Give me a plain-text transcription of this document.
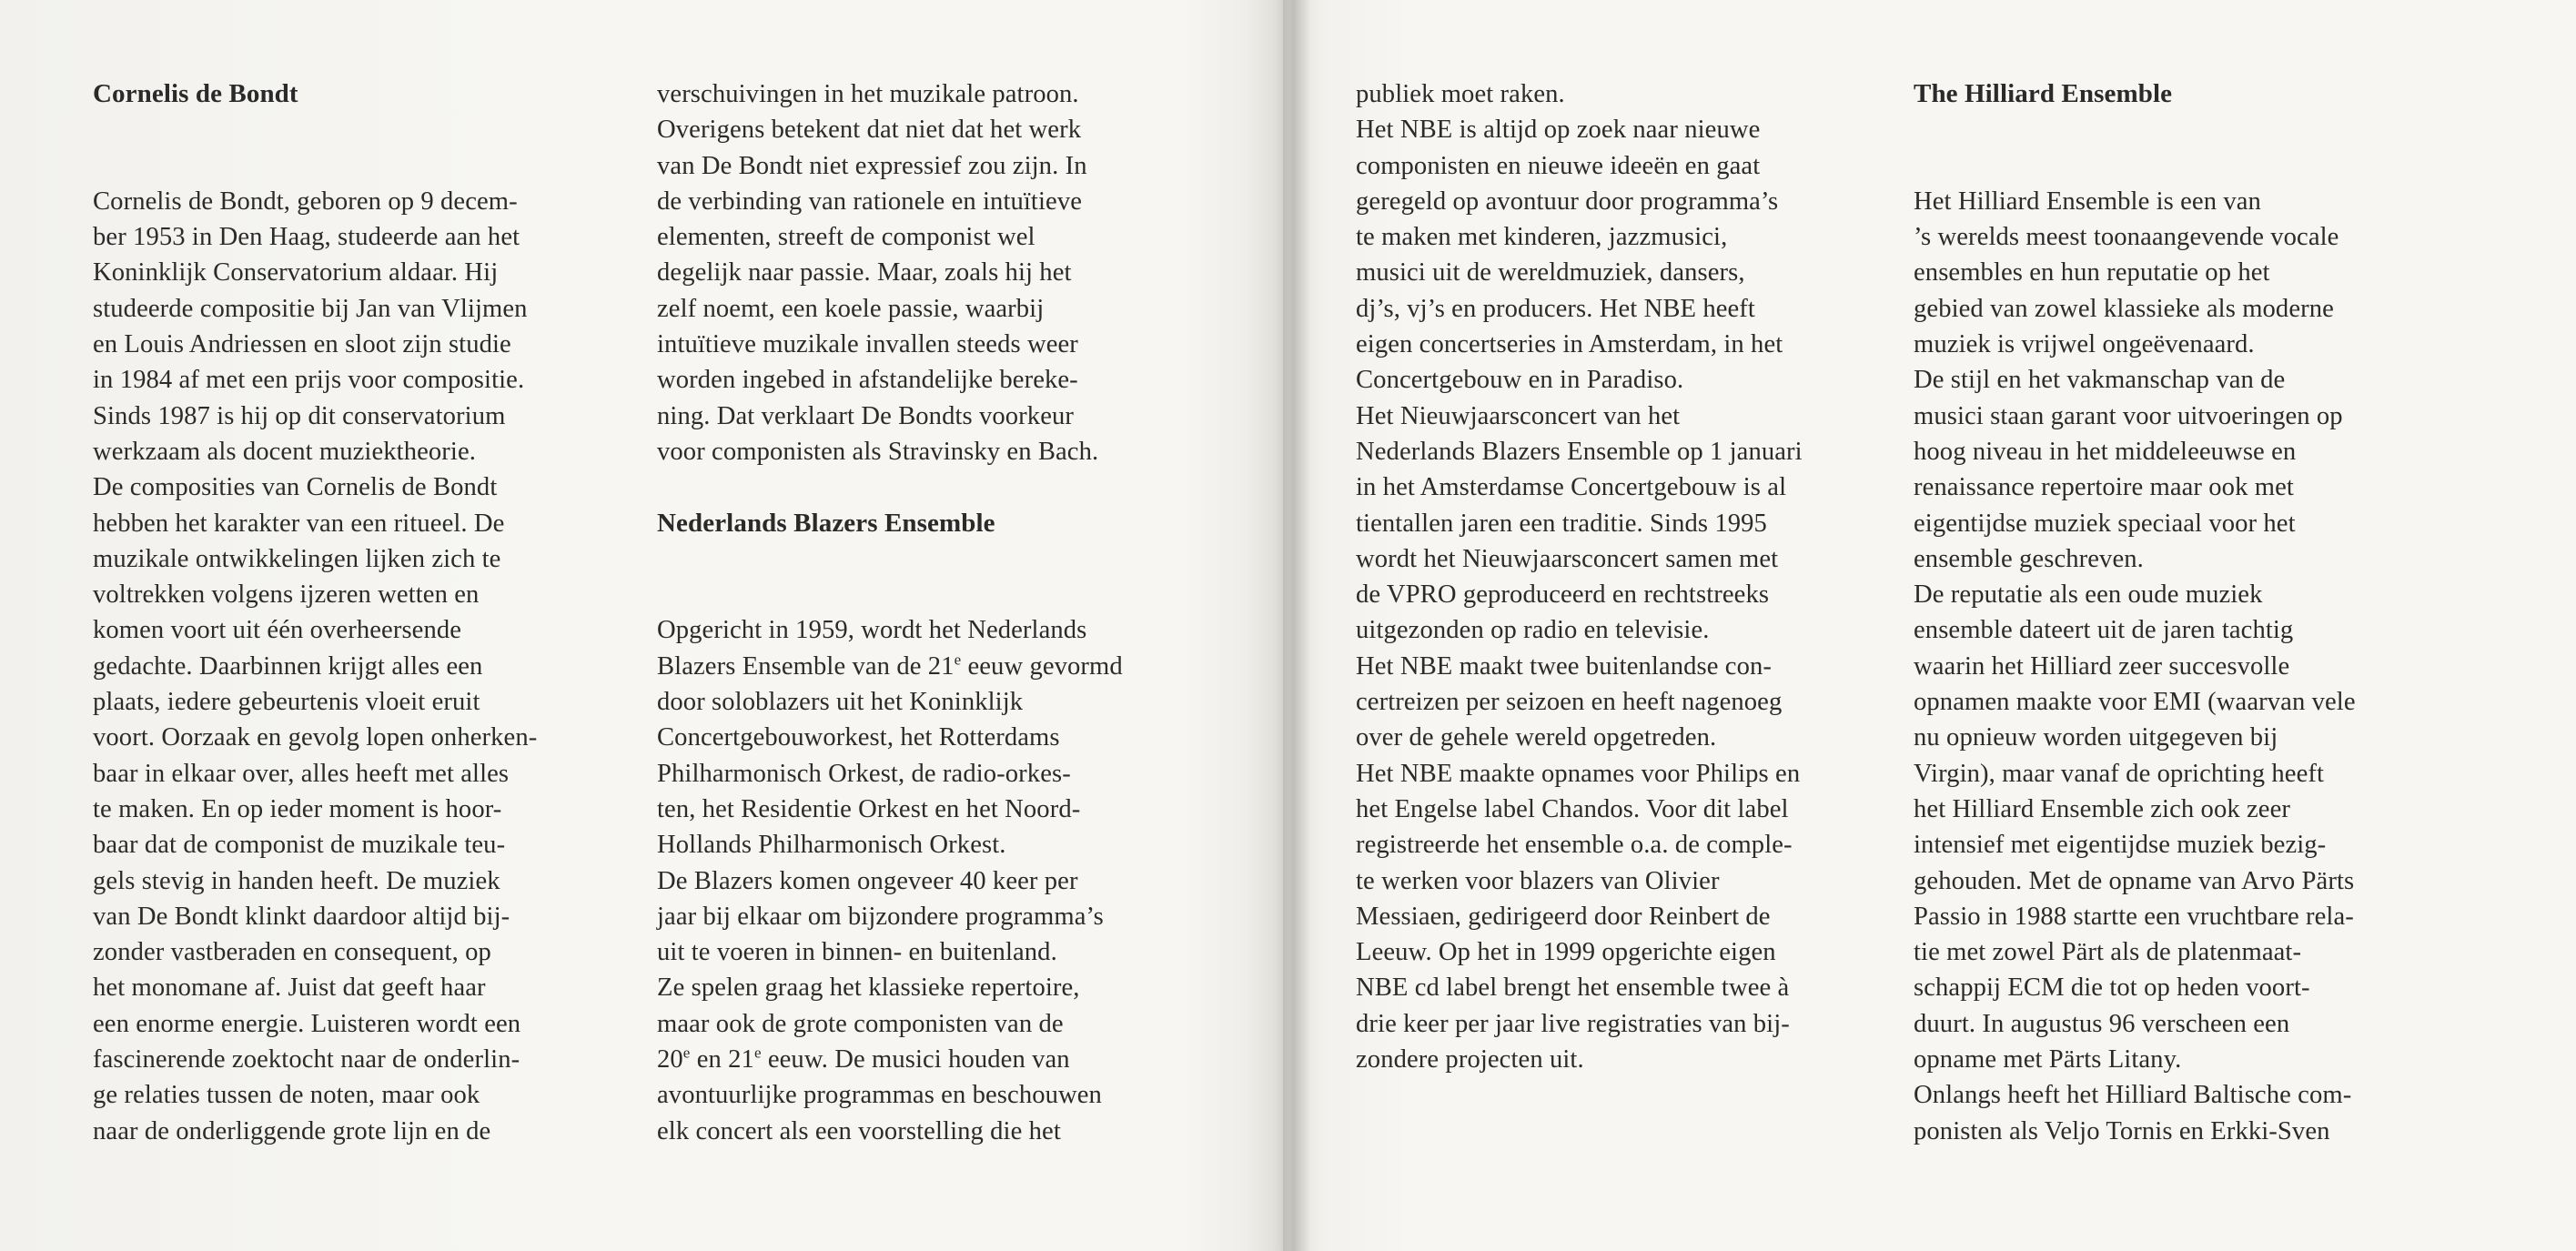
Cornelis de Bondt
Cornelis de Bondt, geboren op 9 decem-
ber 1953 in Den Haag, studeerde aan het
Koninklijk Conservatorium aldaar. Hij
studeerde compositie bij Jan van Vlijmen
en Louis Andriessen en sloot zijn studie
in 1984 af met een prijs voor compositie.
Sinds 1987 is hij op dit conservatorium
werkzaam als docent muziektheorie.
De composities van Cornelis de Bondt
hebben het karakter van een ritueel. De
muzikale ontwikkelingen lijken zich te
voltrekken volgens ijzeren wetten en
komen voort uit één overheersende
gedachte. Daarbinnen krijgt alles een
plaats, iedere gebeurtenis vloeit eruit
voort. Oorzaak en gevolg lopen onherken-
baar in elkaar over, alles heeft met alles
te maken. En op ieder moment is hoor-
baar dat de componist de muzikale teu-
gels stevig in handen heeft. De muziek
van De Bondt klinkt daardoor altijd bij-
zonder vastberaden en consequent, op
het monomane af. Juist dat geeft haar
een enorme energie. Luisteren wordt een
fascinerende zoektocht naar de onderlin-
ge relaties tussen de noten, maar ook
naar de onderliggende grote lijn en de
verschuivingen in het muzikale patroon.
Overigens betekent dat niet dat het werk
van De Bondt niet expressief zou zijn. In
de verbinding van rationele en intuïtieve
elementen, streeft de componist wel
degelijk naar passie. Maar, zoals hij het
zelf noemt, een koele passie, waarbij
intuïtieve muzikale invallen steeds weer
worden ingebed in afstandelijke bereke-
ning. Dat verklaart De Bondts voorkeur
voor componisten als Stravinsky en Bach.
Nederlands Blazers Ensemble
Opgericht in 1959, wordt het Nederlands
Blazers Ensemble van de 21e eeuw gevormd
door soloblazers uit het Koninklijk
Concertgebouworkest, het Rotterdams
Philharmonisch Orkest, de radio-orkes-
ten, het Residentie Orkest en het Noord-
Hollands Philharmonisch Orkest.
De Blazers komen ongeveer 40 keer per
jaar bij elkaar om bijzondere programma’s
uit te voeren in binnen- en buitenland.
Ze spelen graag het klassieke repertoire,
maar ook de grote componisten van de
20e en 21e eeuw. De musici houden van
avontuurlijke programmas en beschouwen
elk concert als een voorstelling die het
publiek moet raken.
Het NBE is altijd op zoek naar nieuwe
componisten en nieuwe ideeën en gaat
geregeld op avontuur door programma’s
te maken met kinderen, jazzmusici,
musici uit de wereldmuziek, dansers,
dj’s, vj’s en producers. Het NBE heeft
eigen concertseries in Amsterdam, in het
Concertgebouw en in Paradiso.
Het Nieuwjaarsconcert van het
Nederlands Blazers Ensemble op 1 januari
in het Amsterdamse Concertgebouw is al
tientallen jaren een traditie. Sinds 1995
wordt het Nieuwjaarsconcert samen met
de VPRO geproduceerd en rechtstreeks
uitgezonden op radio en televisie.
Het NBE maakt twee buitenlandse con-
certreizen per seizoen en heeft nagenoeg
over de gehele wereld opgetreden.
Het NBE maakte opnames voor Philips en
het Engelse label Chandos. Voor dit label
registreerde het ensemble o.a. de comple-
te werken voor blazers van Olivier
Messiaen, gedirigeerd door Reinbert de
Leeuw. Op het in 1999 opgerichte eigen
NBE cd label brengt het ensemble twee à
drie keer per jaar live registraties van bij-
zondere projecten uit.
The Hilliard Ensemble
Het Hilliard Ensemble is een van
’s werelds meest toonaangevende vocale
ensembles en hun reputatie op het
gebied van zowel klassieke als moderne
muziek is vrijwel ongeëvenaard.
De stijl en het vakmanschap van de
musici staan garant voor uitvoeringen op
hoog niveau in het middeleeuwse en
renaissance repertoire maar ook met
eigentijdse muziek speciaal voor het
ensemble geschreven.
De reputatie als een oude muziek
ensemble dateert uit de jaren tachtig
waarin het Hilliard zeer succesvolle
opnamen maakte voor EMI (waarvan vele
nu opnieuw worden uitgegeven bij
Virgin), maar vanaf de oprichting heeft
het Hilliard Ensemble zich ook zeer
intensief met eigentijdse muziek bezig-
gehouden. Met de opname van Arvo Pärts
Passio in 1988 startte een vruchtbare rela-
tie met zowel Pärt als de platenmaat-
schappij ECM die tot op heden voort-
duurt. In augustus 96 verscheen een
opname met Pärts Litany.
Onlangs heeft het Hilliard Baltische com-
ponisten als Veljo Tornis en Erkki-Sven
